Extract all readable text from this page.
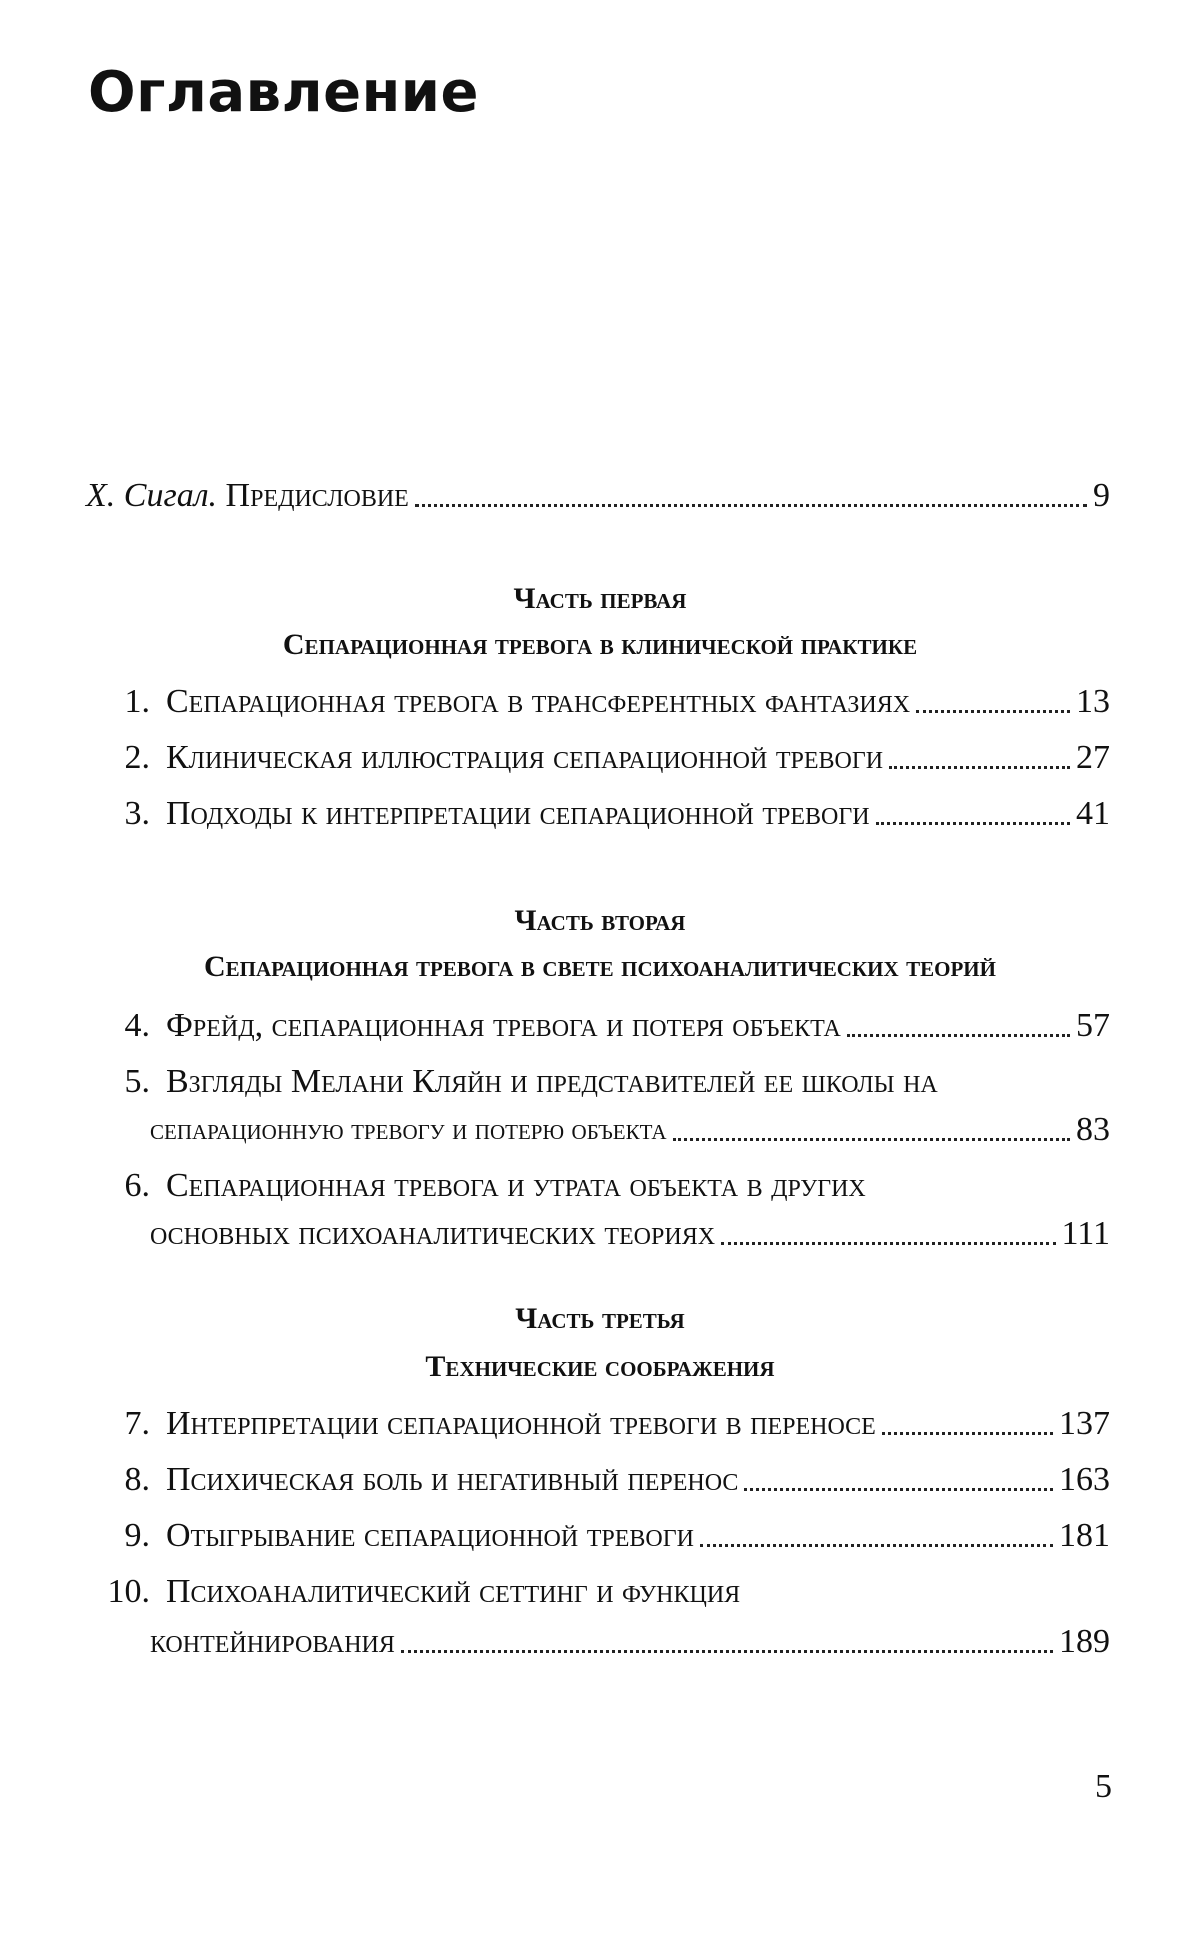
Оглавление
Х. Сигал. Предисловие	9
Часть первая
Сепарационная тревога в клинической практике
1. Сепарационная тревога в трансферентных фантазиях	13
2. Клиническая иллюстрация сепарационной тревоги	27
3. Подходы к интерпретации сепарационной тревоги	41
Часть вторая
Сепарационная тревога в свете психоаналитических теорий
4. Фрейд, сепарационная тревога и потеря объекта	57
5. Взгляды Мелани Кляйн и представителей ее школы на
сепарационную тревогу и потерю объекта	83
6. Сепарационная тревога и утрата объекта в других
основных психоаналитических теориях	111
Часть третья
Технические соображения
7. Интерпретации сепарационной тревоги в переносе	137
8. Психическая боль и негативный перенос	163
9. Отыгрывание сепарационной тревоги	181
10. Психоаналитический сеттинг и функция
контейнирования	189
5
